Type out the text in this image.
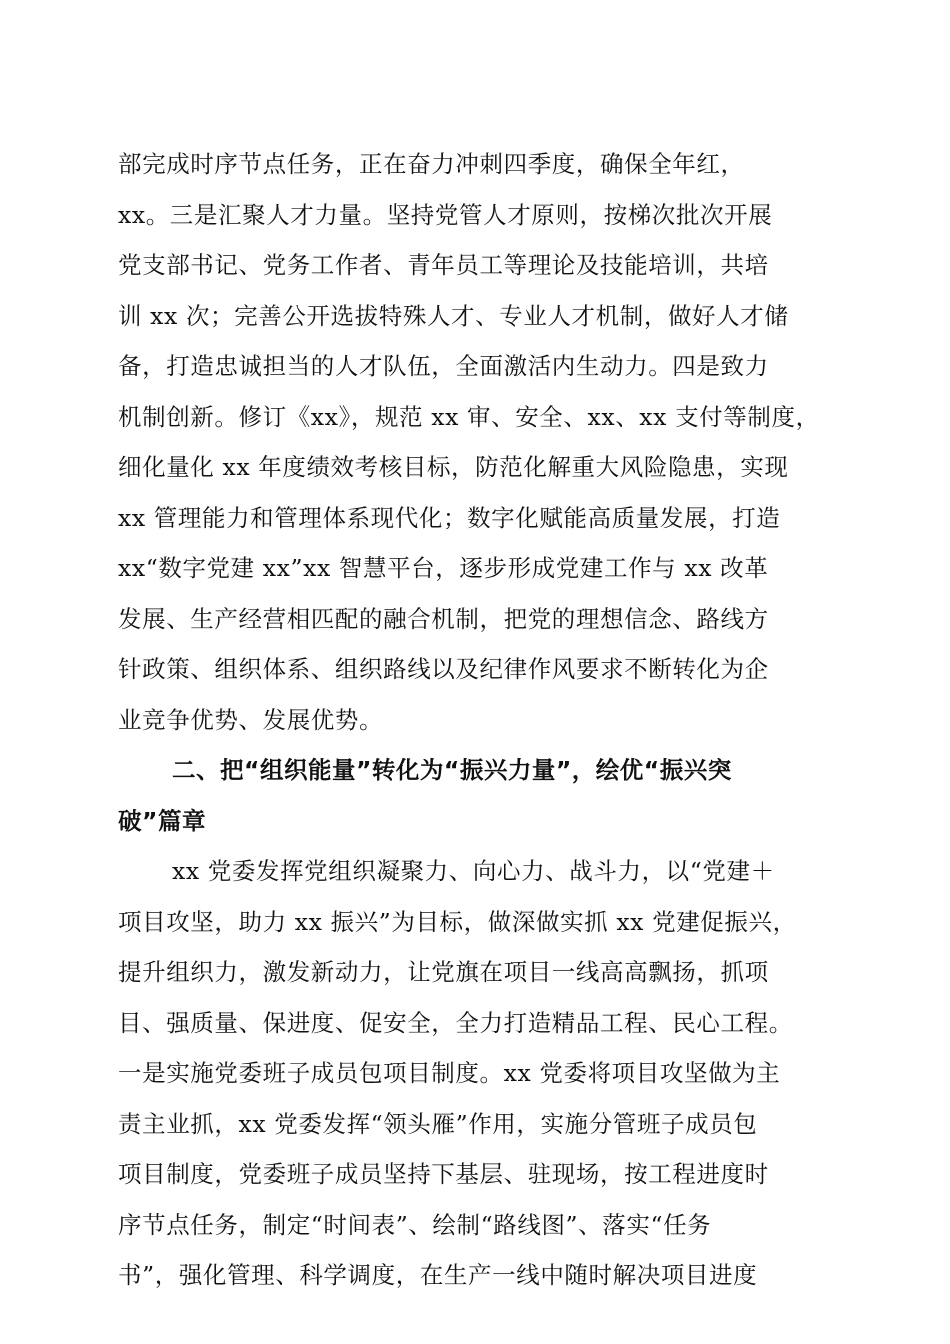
部完成时序节点任务，正在奋力冲刺四季度，确保全年红，
xx。三是汇聚人才力量。坚持党管人才原则，按梯次批次开展
党支部书记、党务工作者、青年员工等理论及技能培训，共培
训 xx 次；完善公开选拔特殊人才、专业人才机制，做好人才储
备，打造忠诚担当的人才队伍，全面激活内生动力。四是致力
机制创新。修订《xx》，规范 xx 审、安全、xx、xx 支付等制度，
细化量化 xx 年度绩效考核目标，防范化解重大风险隐患，实现
xx 管理能力和管理体系现代化；数字化赋能高质量发展，打造
xx“数字党建 xx”xx 智慧平台，逐步形成党建工作与 xx 改革
发展、生产经营相匹配的融合机制，把党的理想信念、路线方
针政策、组织体系、组织路线以及纪律作风要求不断转化为企
业竞争优势、发展优势。
二、把“组织能量”转化为“振兴力量”，绘优“振兴突
破”篇章
xx 党委发挥党组织凝聚力、向心力、战斗力，以“党建＋
项目攻坚，助力 xx 振兴”为目标，做深做实抓 xx 党建促振兴，
提升组织力，激发新动力，让党旗在项目一线高高飘扬，抓项
目、强质量、保进度、促安全，全力打造精品工程、民心工程。
一是实施党委班子成员包项目制度。xx 党委将项目攻坚做为主
责主业抓，xx 党委发挥“领头雁”作用，实施分管班子成员包
项目制度，党委班子成员坚持下基层、驻现场，按工程进度时
序节点任务，制定“时间表”、绘制“路线图”、落实“任务
书”，强化管理、科学调度，在生产一线中随时解决项目进度
